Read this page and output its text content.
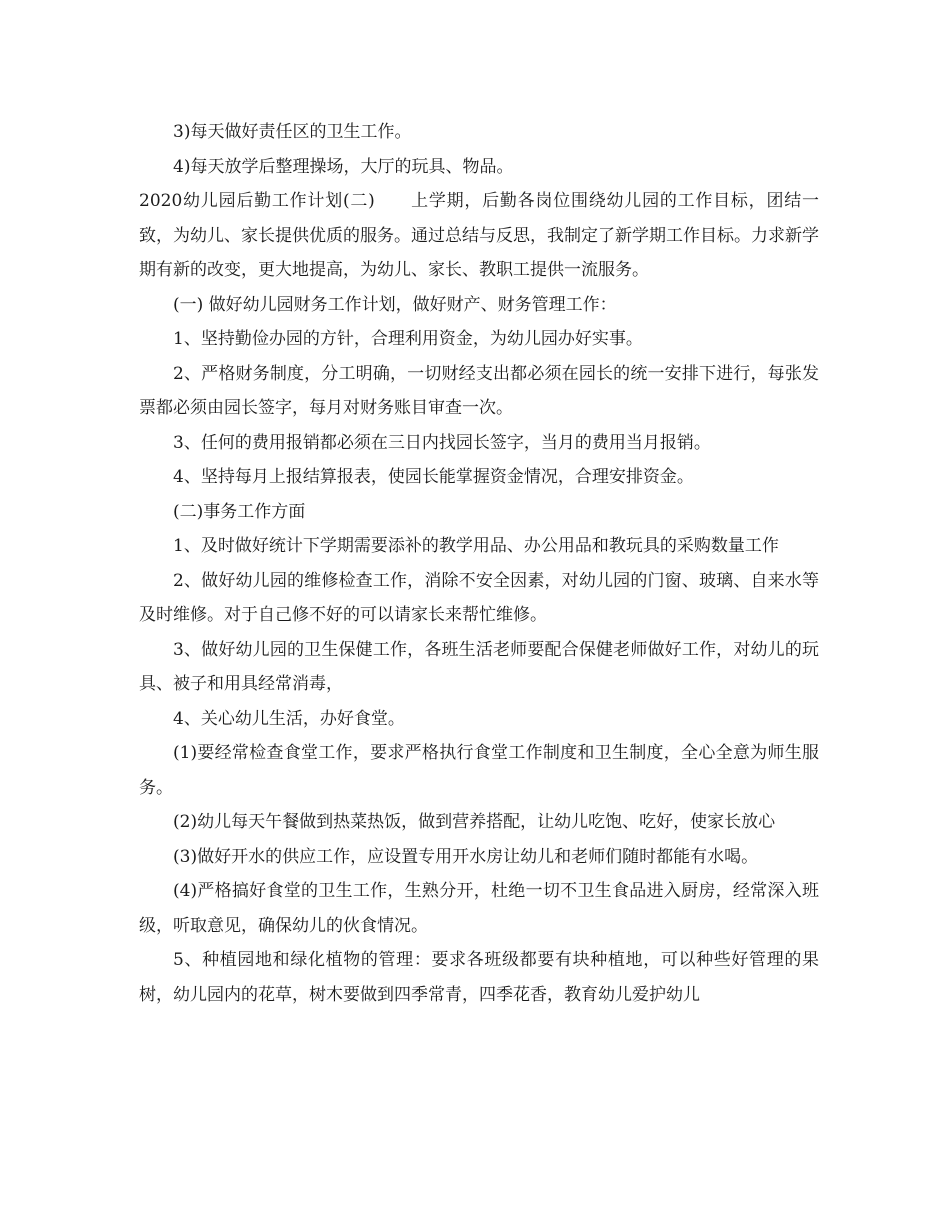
3)每天做好责任区的卫生工作。

4)每天放学后整理操场，大厅的玩具、物品。

2020幼儿园后勤工作计划(二)　　上学期，后勤各岗位围绕幼儿园的工作目标，团结一致，为幼儿、家长提供优质的服务。通过总结与反思，我制定了新学期工作目标。力求新学期有新的改变，更大地提高，为幼儿、家长、教职工提供一流服务。

(一) 做好幼儿园财务工作计划，做好财产、财务管理工作：

1、坚持勤俭办园的方针，合理利用资金，为幼儿园办好实事。

2、严格财务制度，分工明确，一切财经支出都必须在园长的统一安排下进行，每张发票都必须由园长签字，每月对财务账目审查一次。

3、任何的费用报销都必须在三日内找园长签字，当月的费用当月报销。

4、坚持每月上报结算报表，使园长能掌握资金情况，合理安排资金。

(二)事务工作方面

1、及时做好统计下学期需要添补的教学用品、办公用品和教玩具的采购数量工作

2、做好幼儿园的维修检查工作，消除不安全因素，对幼儿园的门窗、玻璃、自来水等及时维修。对于自己修不好的可以请家长来帮忙维修。

3、做好幼儿园的卫生保健工作，各班生活老师要配合保健老师做好工作，对幼儿的玩具、被子和用具经常消毒，

4、关心幼儿生活，办好食堂。

(1)要经常检查食堂工作，要求严格执行食堂工作制度和卫生制度，全心全意为师生服务。

(2)幼儿每天午餐做到热菜热饭，做到营养搭配，让幼儿吃饱、吃好，使家长放心

(3)做好开水的供应工作，应设置专用开水房让幼儿和老师们随时都能有水喝。

(4)严格搞好食堂的卫生工作，生熟分开，杜绝一切不卫生食品进入厨房，经常深入班级，听取意见，确保幼儿的伙食情况。

5、种植园地和绿化植物的管理：要求各班级都要有块种植地，可以种些好管理的果树，幼儿园内的花草，树木要做到四季常青，四季花香，教育幼儿爱护幼儿
